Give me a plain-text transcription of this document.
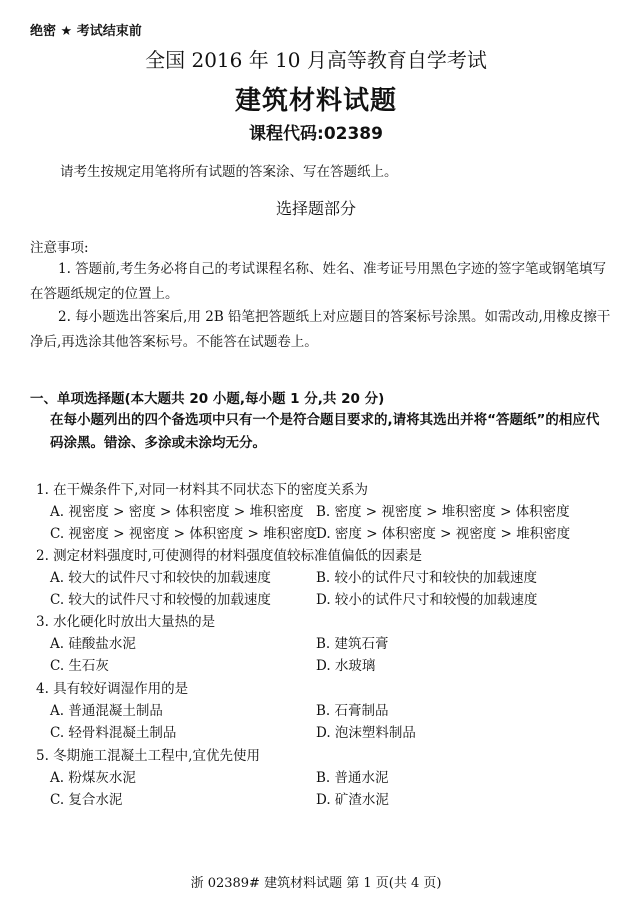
绝密 ★ 考试结束前
全国 2016 年 10 月高等教育自学考试
建筑材料试题
课程代码:02389
请考生按规定用笔将所有试题的答案涂、写在答题纸上。
选择题部分
注意事项:
1. 答题前,考生务必将自己的考试课程名称、姓名、准考证号用黑色字迹的签字笔或钢笔填写在答题纸规定的位置上。
2. 每小题选出答案后,用 2B 铅笔把答题纸上对应题目的答案标号涂黑。如需改动,用橡皮擦干净后,再选涂其他答案标号。不能答在试题卷上。
一、单项选择题(本大题共 20 小题,每小题 1 分,共 20 分)
在每小题列出的四个备选项中只有一个是符合题目要求的,请将其选出并将“答题纸”的相应代码涂黑。错涂、多涂或未涂均无分。
1. 在干燥条件下,对同一材料其不同状态下的密度关系为
A. 视密度 > 密度 > 体积密度 > 堆积密度 B. 密度 > 视密度 > 堆积密度 > 体积密度
C. 视密度 > 视密度 > 体积密度 > 堆积密度
D. 密度 > 体积密度 > 视密度 > 堆积密度
2. 测定材料强度时,可使测得的材料强度值较标准值偏低的因素是
A. 较大的试件尺寸和较快的加载速度	B. 较小的试件尺寸和较快的加载速度
C. 较大的试件尺寸和较慢的加载速度	D. 较小的试件尺寸和较慢的加载速度
3. 水化硬化时放出大量热的是
A. 硅酸盐水泥	B. 建筑石膏
C. 生石灰	D. 水玻璃
4. 具有较好调湿作用的是
A. 普通混凝土制品	B. 石膏制品
C. 轻骨料混凝土制品	D. 泡沫塑料制品
5. 冬期施工混凝土工程中,宜优先使用
A. 粉煤灰水泥	B. 普通水泥
C. 复合水泥	D. 矿渣水泥
浙 02389# 建筑材料试题 第 1 页(共 4 页)
